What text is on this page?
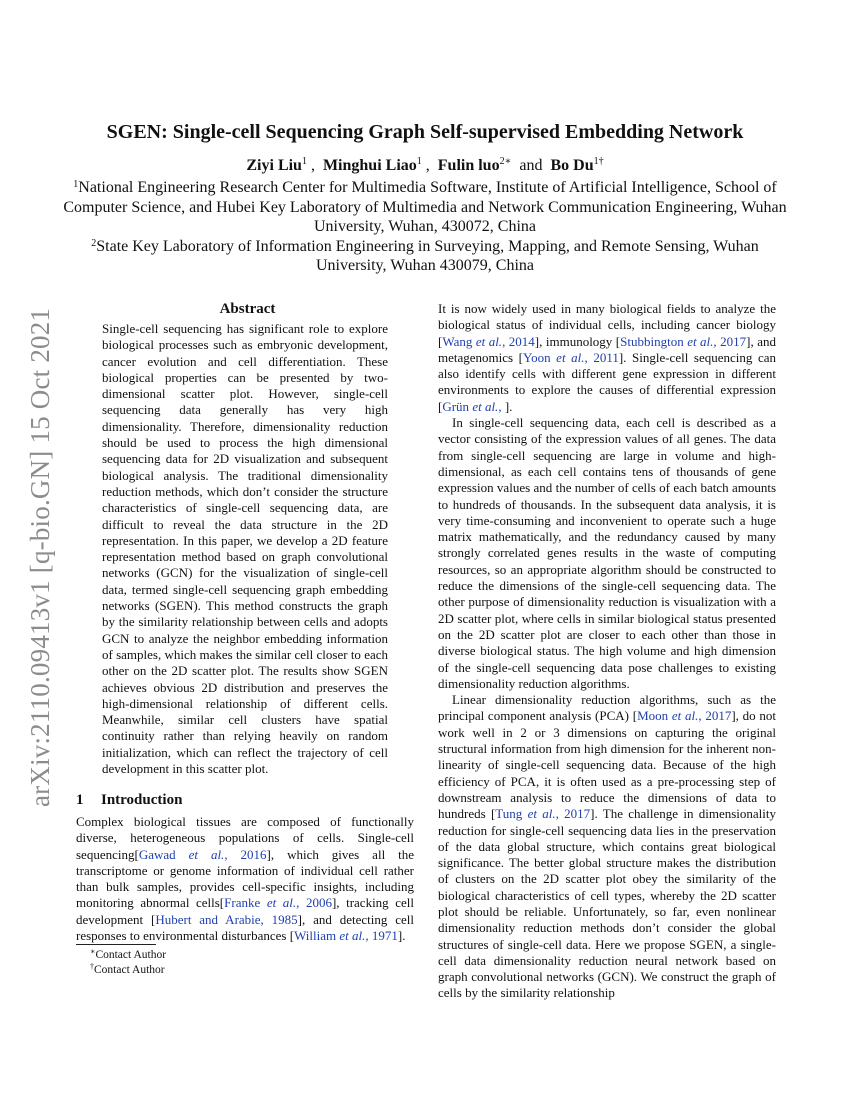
arXiv:2110.09413v1 [q-bio.GN] 15 Oct 2021
SGEN: Single-cell Sequencing Graph Self-supervised Embedding Network
Ziyi Liu$^1$ ,  Minghui Liao$^1$ ,  Fulin luo$^{2∗}$ and Bo $Du^{1\dagger}$

$^1$National Engineering Research Center for Multimedia Software, Institute of Artificial Intelligence, School of Computer Science, and Hubei Key Laboratory of Multimedia and Network Communication Engineering, Wuhan University, Wuhan, 430072, China

$^2$State Key Laboratory of Information Engineering in Surveying, Mapping, and Remote Sensing, Wuhan University, Wuhan 430079, China

Abstract
Single-cell sequencing has significant role to explore biological processes such as embryonic development, cancer evolution and cell differentiation. These biological properties can be presented by two-dimensional scatter plot. However, single-cell sequencing data generally has very high dimensionality. Therefore, dimensionality reduction should be used to process the high dimensional sequencing data for 2D visualization and subsequent biological analysis. The traditional dimensionality reduction methods, which don’t consider the structure characteristics of single-cell sequencing data, are difficult to reveal the data structure in the 2D representation. In this paper, we develop a 2D feature representation method based on graph convolutional networks (GCN) for the visualization of single-cell data, termed single-cell sequencing graph embedding networks (SGEN). This method constructs the graph by the similarity relationship between cells and adopts GCN to analyze the neighbor embedding information of samples, which makes the similar cell closer to each other on the 2D scatter plot. The results show SGEN achieves obvious 2D distribution and preserves the high-dimensional relationship of different cells. Meanwhile, similar cell clusters have spatial continuity rather than relying heavily on random initialization, which can reflect the trajectory of cell development in this scatter plot.
1 Introduction
Complex biological tissues are composed of functionally diverse, heterogeneous populations of cells. Single-cell sequencing[Gawad et al., 2016], which gives all the transcriptome or genome information of individual cell rather than bulk samples, provides cell-specific insights, including monitoring abnormal cells[Franke et al., 2006], tracking cell development [Hubert and Arabie, 1985], and detecting cell responses to environmental disturbances [William et al., 1971].

∗Contact Author

†Contact Author

It is now widely used in many biological fields to analyze the biological status of individual cells, including cancer biology [Wang et al., 2014], immunology [Stubbington et al., 2017], and metagenomics [Yoon et al., 2011]. Single-cell sequencing can also identify cells with different gene expression in different environments to explore the causes of differential expression [Grün et al., ].

In single-cell sequencing data, each cell is described as a vector consisting of the expression values of all genes. The data from single-cell sequencing are large in volume and high-dimensional, as each cell contains tens of thousands of gene expression values and the number of cells of each batch amounts to hundreds of thousands. In the subsequent data analysis, it is very time-consuming and inconvenient to operate such a huge matrix mathematically, and the redundancy caused by many strongly correlated genes results in the waste of computing resources, so an appropriate algorithm should be constructed to reduce the dimensions of the single-cell sequencing data. The other purpose of dimensionality reduction is visualization with a 2D scatter plot, where cells in similar biological status presented on the 2D scatter plot are closer to each other than those in diverse biological status. The high volume and high dimension of the single-cell sequencing data pose challenges to existing dimensionality reduction algorithms.

Linear dimensionality reduction algorithms, such as the principal component analysis (PCA) [Moon et al., 2017], do not work well in 2 or 3 dimensions on capturing the original structural information from high dimension for the inherent non-linearity of single-cell sequencing data. Because of the high efficiency of PCA, it is often used as a pre-processing step of downstream analysis to reduce the dimensions of data to hundreds [Tung et al., 2017]. The challenge in dimensionality reduction for single-cell sequencing data lies in the preservation of the data global structure, which contains great biological significance. The better global structure makes the distribution of clusters on the 2D scatter plot obey the similarity of the biological characteristics of cell types, whereby the 2D scatter plot should be reliable. Unfortunately, so far, even nonlinear dimensionality reduction methods don’t consider the global structures of single-cell data. Here we propose SGEN, a single-cell data dimensionality reduction neural network based on graph convolutional networks (GCN). We construct the graph of cells by the similarity relationship
